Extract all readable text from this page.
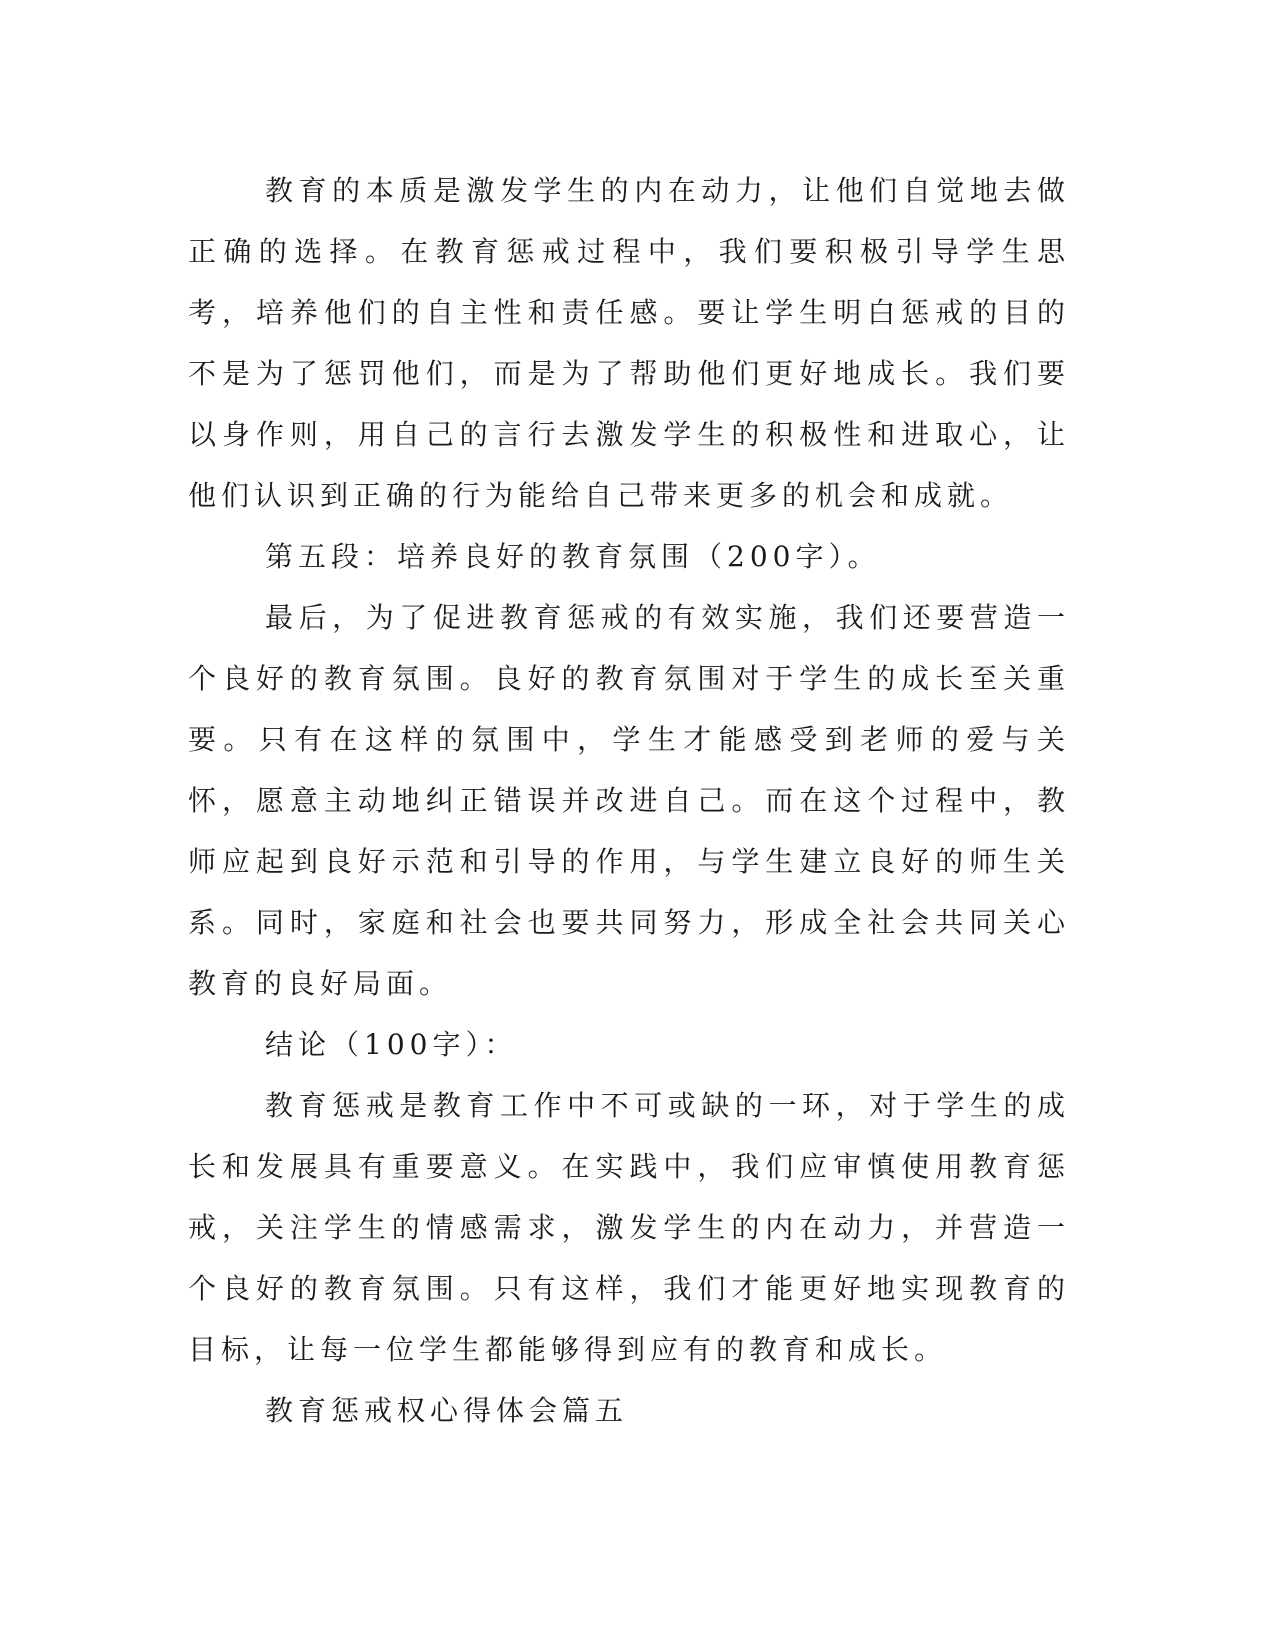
教育的本质是激发学生的内在动力，让他们自觉地去做正确的选择。在教育惩戒过程中，我们要积极引导学生思考，培养他们的自主性和责任感。要让学生明白惩戒的目的不是为了惩罚他们，而是为了帮助他们更好地成长。我们要以身作则，用自己的言行去激发学生的积极性和进取心，让他们认识到正确的行为能给自己带来更多的机会和成就。

第五段：培养良好的教育氛围（200字）。

最后，为了促进教育惩戒的有效实施，我们还要营造一个良好的教育氛围。良好的教育氛围对于学生的成长至关重要。只有在这样的氛围中，学生才能感受到老师的爱与关怀，愿意主动地纠正错误并改进自己。而在这个过程中，教师应起到良好示范和引导的作用，与学生建立良好的师生关系。同时，家庭和社会也要共同努力，形成全社会共同关心教育的良好局面。

结论（100字）：

教育惩戒是教育工作中不可或缺的一环，对于学生的成长和发展具有重要意义。在实践中，我们应审慎使用教育惩戒，关注学生的情感需求，激发学生的内在动力，并营造一个良好的教育氛围。只有这样，我们才能更好地实现教育的目标，让每一位学生都能够得到应有的教育和成长。

教育惩戒权心得体会篇五
